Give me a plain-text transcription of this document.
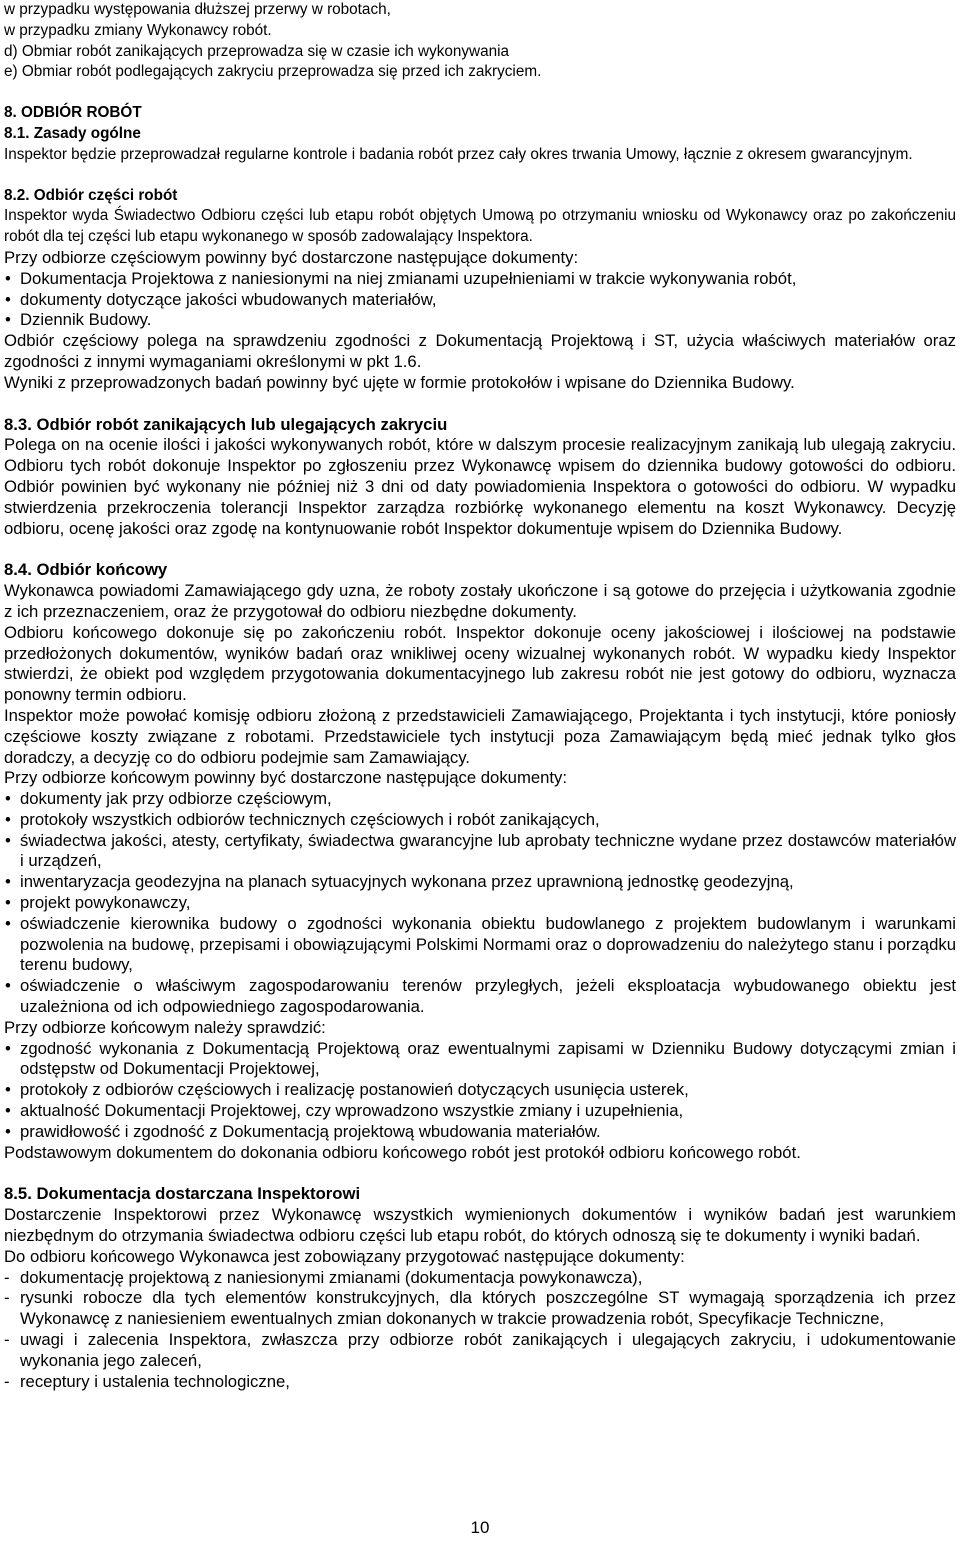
w przypadku występowania dłuższej przerwy w robotach,

w przypadku zmiany Wykonawcy robót.

d) Obmiar robót zanikających przeprowadza się w czasie ich wykonywania

e) Obmiar robót podlegających zakryciu przeprowadza się przed ich zakryciem.

8. ODBIÓR ROBÓT

8.1. Zasady ogólne

Inspektor będzie przeprowadzał regularne kontrole i badania robót przez cały okres trwania Umowy, łącznie z okresem gwarancyjnym.

8.2. Odbiór części robót

Inspektor wyda Świadectwo Odbioru części lub etapu robót objętych Umową po otrzymaniu wniosku od Wykonawcy oraz po zakończeniu robót dla tej części lub etapu wykonanego w sposób zadowalający Inspektora.

Przy odbiorze częściowym powinny być dostarczone następujące dokumenty:

• Dokumentacja Projektowa z naniesionymi na niej zmianami uzupełnieniami w trakcie wykonywania robót,
• dokumenty dotyczące jakości wbudowanych materiałów,
• Dziennik Budowy.

Odbiór częściowy polega na sprawdzeniu zgodności z Dokumentacją Projektową i ST, użycia właściwych materiałów oraz zgodności z innymi wymaganiami określonymi w pkt 1.6.

Wyniki z przeprowadzonych badań powinny być ujęte w formie protokołów i wpisane do Dziennika Budowy.

8.3. Odbiór robót zanikających lub ulegających zakryciu

Polega on na ocenie ilości i jakości wykonywanych robót, które w dalszym procesie realizacyjnym zanikają lub ulegają zakryciu. Odbioru tych robót dokonuje Inspektor po zgłoszeniu przez Wykonawcę wpisem do dziennika budowy gotowości do odbioru. Odbiór powinien być wykonany nie później niż 3 dni od daty powiadomienia Inspektora o gotowości do odbioru. W wypadku stwierdzenia przekroczenia tolerancji Inspektor zarządza rozbiórkę wykonanego elementu na koszt Wykonawcy. Decyzję odbioru, ocenę jakości oraz zgodę na kontynuowanie robót Inspektor dokumentuje wpisem do Dziennika Budowy.

8.4. Odbiór końcowy

Wykonawca powiadomi Zamawiającego gdy uzna, że roboty zostały ukończone i są gotowe do przejęcia i użytkowania zgodnie z ich przeznaczeniem, oraz że przygotował do odbioru niezbędne dokumenty.

Odbioru końcowego dokonuje się po zakończeniu robót. Inspektor dokonuje oceny jakościowej i ilościowej na podstawie przedłożonych dokumentów, wyników badań oraz wnikliwej oceny wizualnej wykonanych robót. W wypadku kiedy Inspektor stwierdzi, że obiekt pod względem przygotowania dokumentacyjnego lub zakresu robót nie jest gotowy do odbioru, wyznacza ponowny termin odbioru.

Inspektor może powołać komisję odbioru złożoną z przedstawicieli Zamawiającego, Projektanta i tych instytucji, które poniosły częściowe koszty związane z robotami. Przedstawiciele tych instytucji poza Zamawiającym będą mieć jednak tylko głos doradczy, a decyzję co do odbioru podejmie sam Zamawiający.

Przy odbiorze końcowym powinny być dostarczone następujące dokumenty:

• dokumenty jak przy odbiorze częściowym,
• protokoły wszystkich odbiorów technicznych częściowych i robót zanikających,
• świadectwa jakości, atesty, certyfikaty, świadectwa gwarancyjne lub aprobaty techniczne wydane przez dostawców materiałów i urządzeń,
• inwentaryzacja geodezyjna na planach sytuacyjnych wykonana przez uprawnioną jednostkę geodezyjną,
• projekt powykonawczy,
• oświadczenie kierownika budowy o zgodności wykonania obiektu budowlanego z projektem budowlanym i warunkami pozwolenia na budowę, przepisami i obowiązującymi Polskimi Normami oraz o doprowadzeniu do należytego stanu i porządku terenu budowy,
• oświadczenie o właściwym zagospodarowaniu terenów przyległych, jeżeli eksploatacja wybudowanego obiektu jest uzależniona od ich odpowiedniego zagospodarowania.

Przy odbiorze końcowym należy sprawdzić:

• zgodność wykonania z Dokumentacją Projektową oraz ewentualnymi zapisami w Dzienniku Budowy dotyczącymi zmian i odstępstw od Dokumentacji Projektowej,
• protokoły z odbiorów częściowych i realizację postanowień dotyczących usunięcia usterek,
• aktualność Dokumentacji Projektowej, czy wprowadzono wszystkie zmiany i uzupełnienia,
• prawidłowość i zgodność z Dokumentacją projektową wbudowania materiałów.

Podstawowym dokumentem do dokonania odbioru końcowego robót jest protokół odbioru końcowego robót.

8.5. Dokumentacja dostarczana Inspektorowi

Dostarczenie Inspektorowi przez Wykonawcę wszystkich wymienionych dokumentów i wyników badań jest warunkiem niezbędnym do otrzymania świadectwa odbioru części lub etapu robót, do których odnoszą się te dokumenty i wyniki badań.

Do odbioru końcowego Wykonawca jest zobowiązany przygotować następujące dokumenty:

- dokumentację projektową z naniesionymi zmianami (dokumentacja powykonawcza),
- rysunki robocze dla tych elementów konstrukcyjnych, dla których poszczególne ST wymagają sporządzenia ich przez Wykonawcę z naniesieniem ewentualnych zmian dokonanych w trakcie prowadzenia robót, Specyfikacje Techniczne,
- uwagi i zalecenia Inspektora, zwłaszcza przy odbiorze robót zanikających i ulegających zakryciu, i udokumentowanie wykonania jego zaleceń,
- receptury i ustalenia technologiczne,
10
